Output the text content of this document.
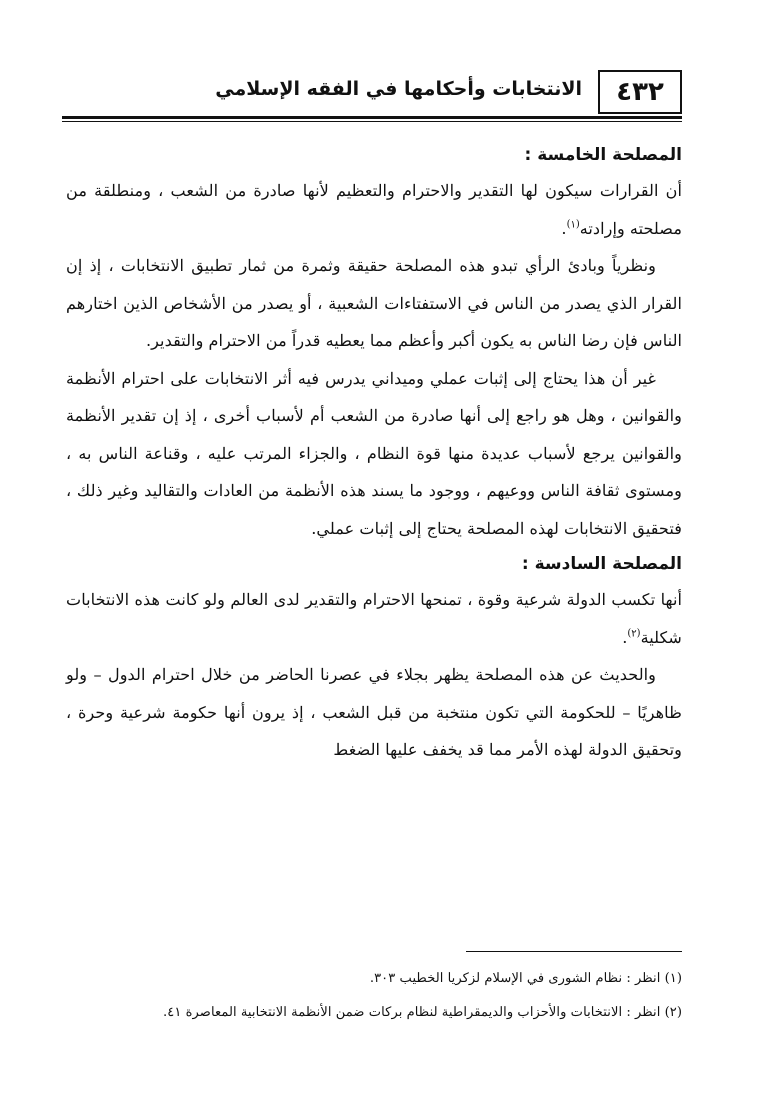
٤٣٢
الانتخابات وأحكامها في الفقه الإسلامي
المصلحة الخامسة :

أن القرارات سيكون لها التقدير والاحترام والتعظيم لأنها صادرة من الشعب ، ومنطلقة من مصلحته وإرادته( $^١$ ).

ونظرياً وبادئ الرأي تبدو هذه المصلحة حقيقة وثمرة من ثمار تطبيق الانتخابات ، إذ إن القرار الذي يصدر من الناس في الاستفتاءات الشعبية ، أو يصدر من الأشخاص الذين اختارهم الناس فإن رضا الناس به يكون أكبر وأعظم مما يعطيه قدراً من الاحترام والتقدير.

غير أن هذا يحتاج إلى إثبات عملي وميداني يدرس فيه أثر الانتخابات على احترام الأنظمة والقوانين ، وهل هو راجع إلى أنها صادرة من الشعب أم لأسباب أخرى ، إذ إن تقدير الأنظمة والقوانين يرجع لأسباب عديدة منها قوة النظام ، والجزاء المرتب عليه ، وقناعة الناس به ، ومستوى ثقافة الناس ووعيهم ، ووجود ما يسند هذه الأنظمة من العادات والتقاليد وغير ذلك ، فتحقيق الانتخابات لهذه المصلحة يحتاج إلى إثبات عملي.

المصلحة السادسة :

أنها تكسب الدولة شرعية وقوة ، تمنحها الاحترام والتقدير لدى العالم ولو كانت هذه الانتخابات شكلية( $^٢$ ).

والحديث عن هذه المصلحة يظهر بجلاء في عصرنا الحاضر من خلال احترام الدول – ولو ظاهريًا – للحكومة التي تكون منتخبة من قبل الشعب ، إذ يرون أنها حكومة شرعية وحرة ، وتحقيق الدولة لهذه الأمر مما قد يخفف عليها الضغط

( ١ ) انظر : نظام الشورى في الإسلام لزكريا الخطيب ٣٠٣.

( ٢ ) انظر : الانتخابات والأحزاب والديمقراطية لنظام بركات ضمن الأنظمة الانتخابية المعاصرة ٤١.
